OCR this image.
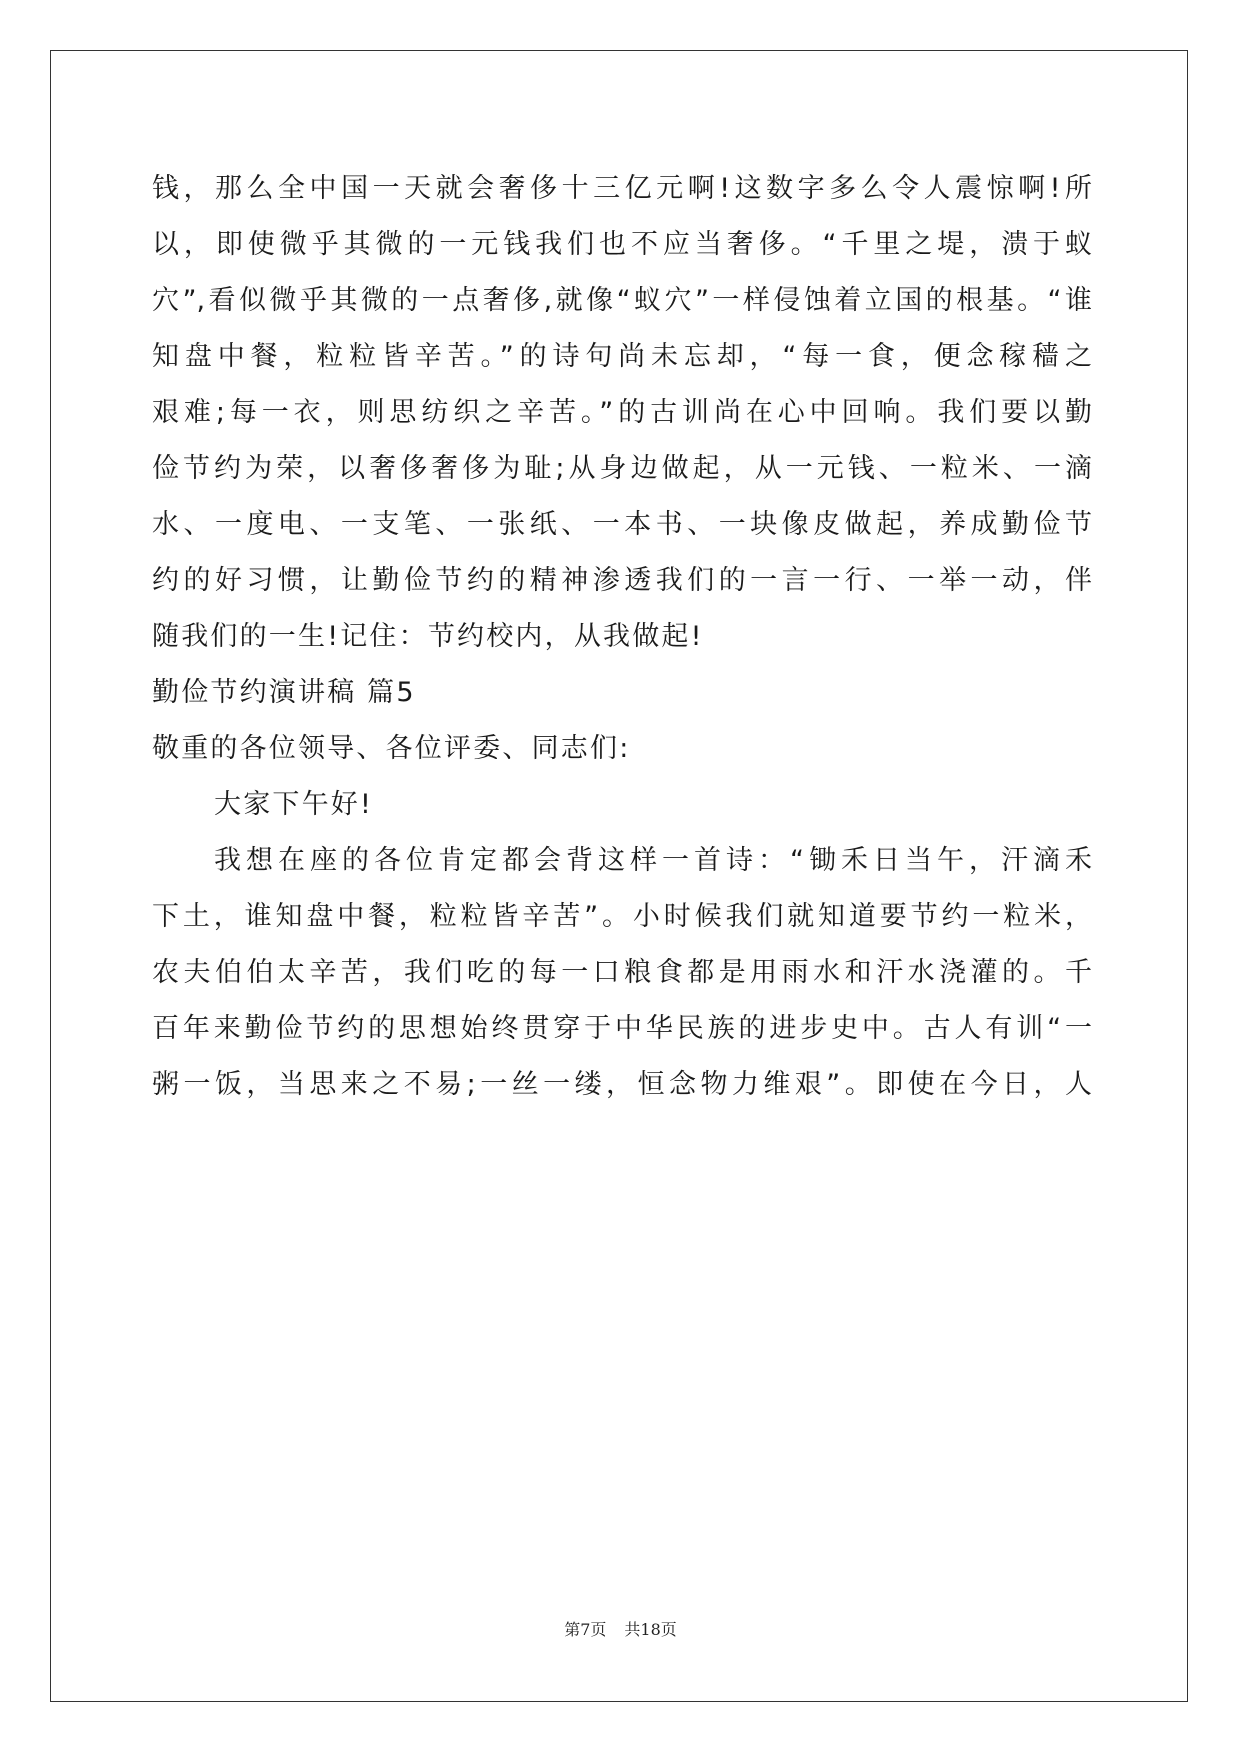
钱，那么全中国一天就会奢侈十三亿元啊!这数字多么令人震惊啊!所
以，即使微乎其微的一元钱我们也不应当奢侈。“千里之堤，溃于蚁
穴”,看似微乎其微的一点奢侈,就像“蚁穴”一样侵蚀着立国的根基。“谁
知盘中餐，粒粒皆辛苦。”的诗句尚未忘却，“每一食，便念稼穑之
艰难;每一衣，则思纺织之辛苦。”的古训尚在心中回响。我们要以勤
俭节约为荣，以奢侈奢侈为耻;从身边做起，从一元钱、一粒米、一滴
水、一度电、一支笔、一张纸、一本书、一块像皮做起，养成勤俭节
约的好习惯，让勤俭节约的精神渗透我们的一言一行、一举一动，伴
随我们的一生!记住：节约校内，从我做起!
勤俭节约演讲稿 篇5
敬重的各位领导、各位评委、同志们:
大家下午好!
我想在座的各位肯定都会背这样一首诗：“锄禾日当午，汗滴禾
下土，谁知盘中餐，粒粒皆辛苦”。小时候我们就知道要节约一粒米，
农夫伯伯太辛苦，我们吃的每一口粮食都是用雨水和汗水浇灌的。千
百年来勤俭节约的思想始终贯穿于中华民族的进步史中。古人有训“一
粥一饭，当思来之不易;一丝一缕，恒念物力维艰”。即使在今日，人
第7页 共18页
